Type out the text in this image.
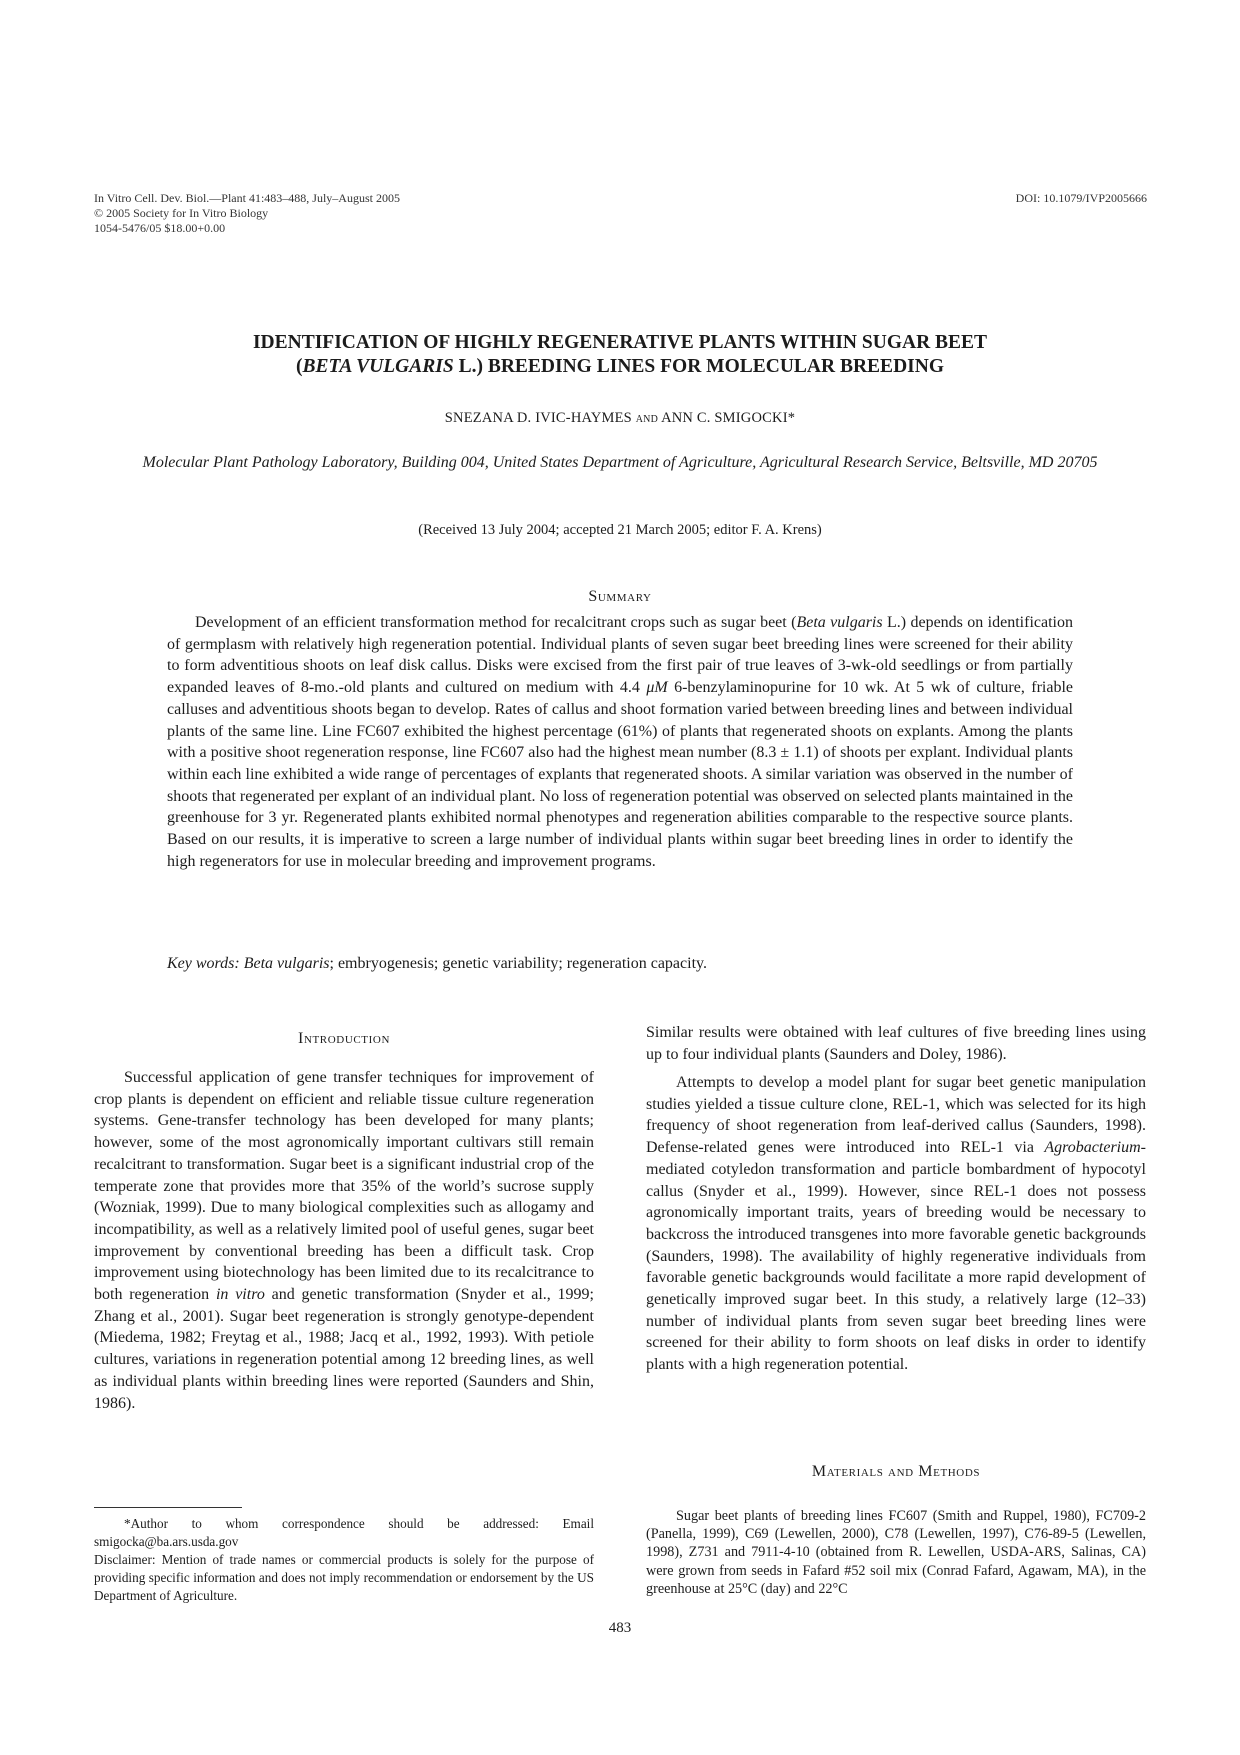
In Vitro Cell. Dev. Biol.—Plant 41:483–488, July–August 2005
© 2005 Society for In Vitro Biology
1054-5476/05 $18.00+0.00
DOI: 10.1079/IVP2005666
IDENTIFICATION OF HIGHLY REGENERATIVE PLANTS WITHIN SUGAR BEET
(BETA VULGARIS L.) BREEDING LINES FOR MOLECULAR BREEDING
SNEZANA D. IVIC-HAYMES and ANN C. SMIGOCKI*
Molecular Plant Pathology Laboratory, Building 004, United States Department of Agriculture, Agricultural Research Service, Beltsville, MD 20705
(Received 13 July 2004; accepted 21 March 2005; editor F. A. Krens)
Summary

Development of an efficient transformation method for recalcitrant crops such as sugar beet (Beta vulgaris L.) depends on identification of germplasm with relatively high regeneration potential. Individual plants of seven sugar beet breeding lines were screened for their ability to form adventitious shoots on leaf disk callus. Disks were excised from the first pair of true leaves of 3-wk-old seedlings or from partially expanded leaves of 8-mo.-old plants and cultured on medium with 4.4 μM 6-benzylaminopurine for 10 wk. At 5 wk of culture, friable calluses and adventitious shoots began to develop. Rates of callus and shoot formation varied between breeding lines and between individual plants of the same line. Line FC607 exhibited the highest percentage (61%) of plants that regenerated shoots on explants. Among the plants with a positive shoot regeneration response, line FC607 also had the highest mean number (8.3 ± 1.1) of shoots per explant. Individual plants within each line exhibited a wide range of percentages of explants that regenerated shoots. A similar variation was observed in the number of shoots that regenerated per explant of an individual plant. No loss of regeneration potential was observed on selected plants maintained in the greenhouse for 3 yr. Regenerated plants exhibited normal phenotypes and regeneration abilities comparable to the respective source plants. Based on our results, it is imperative to screen a large number of individual plants within sugar beet breeding lines in order to identify the high regenerators for use in molecular breeding and improvement programs.

Key words: Beta vulgaris; embryogenesis; genetic variability; regeneration capacity.

Introduction

Successful application of gene transfer techniques for improvement of crop plants is dependent on efficient and reliable tissue culture regeneration systems. Gene-transfer technology has been developed for many plants; however, some of the most agronomically important cultivars still remain recalcitrant to transformation. Sugar beet is a significant industrial crop of the temperate zone that provides more that 35% of the world’s sucrose supply (Wozniak, 1999). Due to many biological complexities such as allogamy and incompatibility, as well as a relatively limited pool of useful genes, sugar beet improvement by conventional breeding has been a difficult task. Crop improvement using biotechnology has been limited due to its recalcitrance to both regeneration in vitro and genetic transformation (Snyder et al., 1999; Zhang et al., 2001). Sugar beet regeneration is strongly genotype-dependent (Miedema, 1982; Freytag et al., 1988; Jacq et al., 1992, 1993). With petiole cultures, variations in regeneration potential among 12 breeding lines, as well as individual plants within breeding lines were reported (Saunders and Shin, 1986).

*Author to whom correspondence should be addressed: Email smigocka@ba.ars.usda.gov

Disclaimer: Mention of trade names or commercial products is solely for the purpose of providing specific information and does not imply recommendation or endorsement by the US Department of Agriculture.

Similar results were obtained with leaf cultures of five breeding lines using up to four individual plants (Saunders and Doley, 1986).

Attempts to develop a model plant for sugar beet genetic manipulation studies yielded a tissue culture clone, REL-1, which was selected for its high frequency of shoot regeneration from leaf-derived callus (Saunders, 1998). Defense-related genes were introduced into REL-1 via Agrobacterium-mediated cotyledon transformation and particle bombardment of hypocotyl callus (Snyder et al., 1999). However, since REL-1 does not possess agronomically important traits, years of breeding would be necessary to backcross the introduced transgenes into more favorable genetic backgrounds (Saunders, 1998). The availability of highly regenerative individuals from favorable genetic backgrounds would facilitate a more rapid development of genetically improved sugar beet. In this study, a relatively large (12–33) number of individual plants from seven sugar beet breeding lines were screened for their ability to form shoots on leaf disks in order to identify plants with a high regeneration potential.

Materials and Methods

Sugar beet plants of breeding lines FC607 (Smith and Ruppel, 1980), FC709-2 (Panella, 1999), C69 (Lewellen, 2000), C78 (Lewellen, 1997), C76-89-5 (Lewellen, 1998), Z731 and 7911-4-10 (obtained from R. Lewellen, USDA-ARS, Salinas, CA) were grown from seeds in Fafard #52 soil mix (Conrad Fafard, Agawam, MA), in the greenhouse at 25°C (day) and 22°C

483
